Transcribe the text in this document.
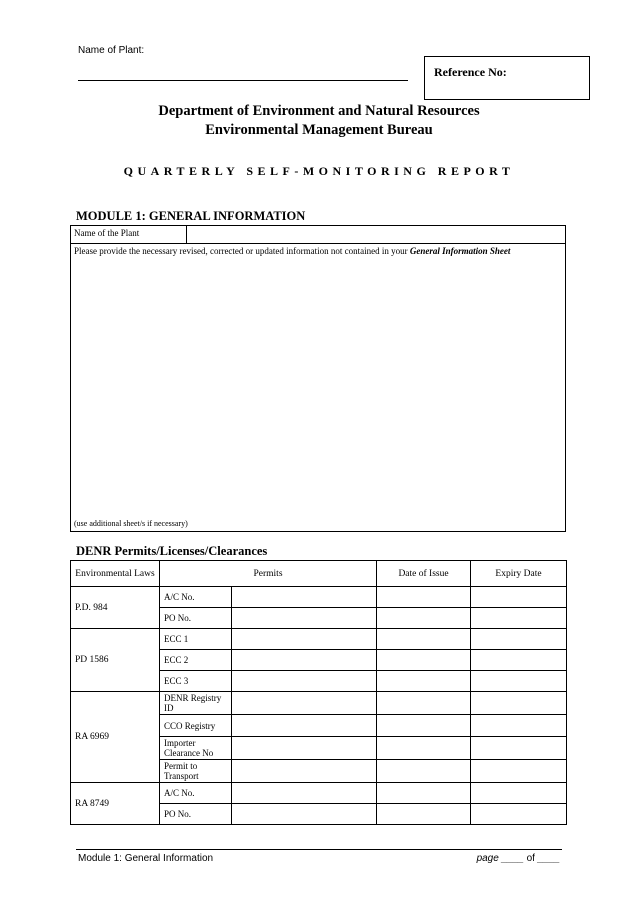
Name of Plant:
Reference No:
Department of Environment and Natural Resources
Environmental Management Bureau
QUARTERLY SELF-MONITORING REPORT
MODULE 1: GENERAL INFORMATION
Name of the Plant	
Please provide the necessary revised, corrected or updated information not contained in your General Information Sheet
(use additional sheet/s if necessary)
DENR Permits/Licenses/Clearances
Environmental Laws	Permits		Date of Issue	Expiry Date
P.D. 984	A/C No.			
	PO No.			
PD 1586	ECC 1			
	ECC 2			
	ECC 3			
RA 6969	DENR Registry ID			
	CCO Registry			
	Importer Clearance No			
	Permit to Transport			
RA 8749	A/C No.			
	PO No.			
Module 1: General Information	page ____ of ____
